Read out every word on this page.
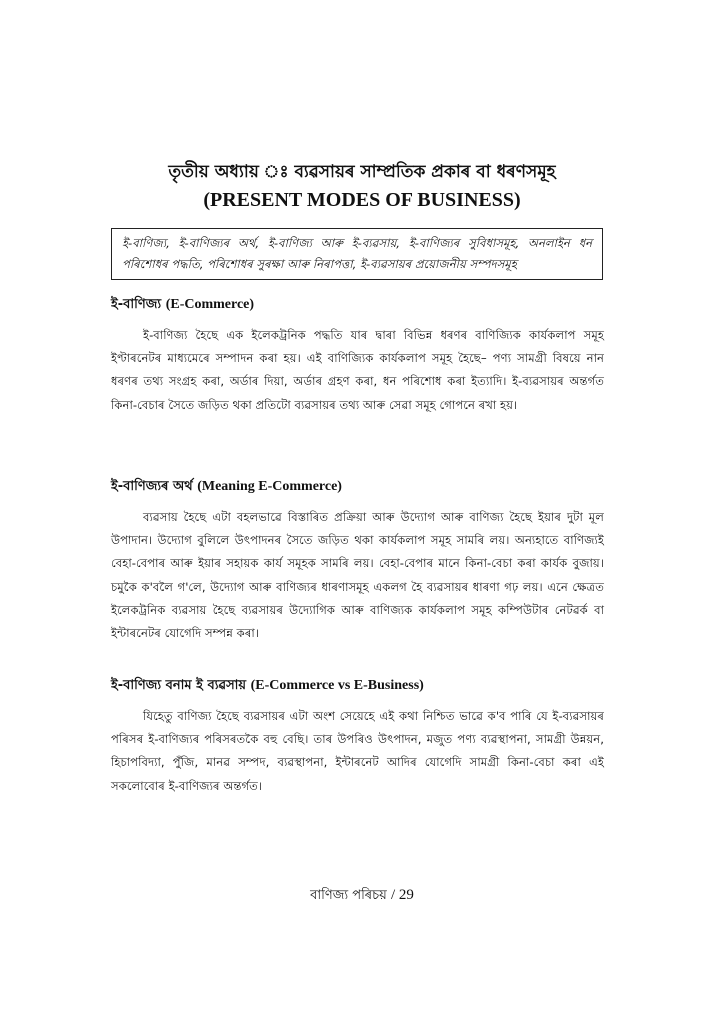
তৃতীয় অধ্যায় ঃ ব্যৱসায়ৰ সাম্প্ৰতিক প্ৰকাৰ বা ধৰণসমূহ
(PRESENT MODES OF BUSINESS)

ই-বাণিজ্য, ই-বাণিজ্যৰ অৰ্থ, ই-বাণিজ্য আৰু ই-ব্যৱসায়, ই-বাণিজ্যৰ সুবিধাসমূহ, অনলাইন ধন পৰিশোধৰ পদ্ধতি, পৰিশোধৰ সুৰক্ষা আৰু নিৰাপত্তা, ই-ব্যৱসায়ৰ প্ৰয়োজনীয় সম্পদসমূহ

ই-বাণিজ্য (E-Commerce)

ই-বাণিজ্য হৈছে এক ইলেকট্ৰনিক পদ্ধতি যাৰ দ্বাৰা বিভিন্ন ধৰণৰ বাণিজ্যিক কাৰ্যকলাপ সমূহ ইণ্টাৰনেটৰ মাধ্যমেৰে সম্পাদন কৰা হয়। এই বাণিজ্যিক কাৰ্যকলাপ সমূহ হৈছে– পণ্য সামগ্ৰী বিষয়ে নান ধৰণৰ তথ্য সংগ্ৰহ কৰা, অৰ্ডাৰ দিয়া, অৰ্ডাৰ গ্ৰহণ কৰা, ধন পৰিশোধ কৰা ইত্যাদি। ই-ব্যৱসায়ৰ অন্তৰ্গত কিনা-বেচাৰ সৈতে জড়িত থকা প্ৰতিটো ব্যৱসায়ৰ তথ্য আৰু সেৱা সমূহ গোপনে ৰখা হয়।

ই-বাণিজ্যৰ অৰ্থ (Meaning E-Commerce)

ব্যৱসায় হৈছে এটা বহলভাৱে বিস্তাৰিত প্ৰক্ৰিয়া আৰু উদ্যোগ আৰু বাণিজ্য হৈছে ইয়াৰ দুটা মূল উপাদান। উদ্যোগ বুলিলে উৎপাদনৰ সৈতে জড়িত থকা কাৰ্যকলাপ সমূহ সামৰি লয়। অন্যহাতে বাণিজ্যই বেহা-বেপাৰ আৰু ইয়াৰ সহায়ক কাৰ্য সমূহক সামৰি লয়। বেহা-বেপাৰ মানে কিনা-বেচা কৰা কাৰ্যক বুজায়। চমুকৈ ক'বলৈ গ'লে, উদ্যোগ আৰু বাণিজ্যৰ ধাৰণাসমূহ একলগ হৈ ব্যৱসায়ৰ ধাৰণা গঢ় লয়। এনে ক্ষেত্ৰত ইলেকট্ৰনিক ব্যৱসায় হৈছে ব্যৱসায়ৰ উদ্যোগিক আৰু বাণিজ্যক কাৰ্যকলাপ সমূহ কম্পিউটাৰ নেটৱৰ্ক বা ইন্টাৰনেটৰ যোগেদি সম্পন্ন কৰা।

ই-বাণিজ্য বনাম ই ব্যৱসায় (E-Commerce vs E-Business)

যিহেতু বাণিজ্য হৈছে ব্যৱসায়ৰ এটা অংশ সেয়েহে এই কথা নিশ্চিত ভাৱে ক'ব পাৰি যে ই-ব্যৱসায়ৰ পৰিসৰ ই-বাণিজ্যৰ পৰিসৰতকৈ বহু বেছি। তাৰ উপৰিও উৎপাদন, মজুত পণ্য ব্যৱস্থাপনা, সামগ্ৰী উন্নয়ন, হিচাপবিদ্যা, পুঁজি, মানৱ সম্পদ, ব্যৱস্থাপনা, ইন্টাৰনেট আদিৰ যোগেদি সামগ্ৰী কিনা-বেচা কৰা এই সকলোবোৰ ই-বাণিজ্যৰ অন্তৰ্গত।

বাণিজ্য পৰিচয় / 29
